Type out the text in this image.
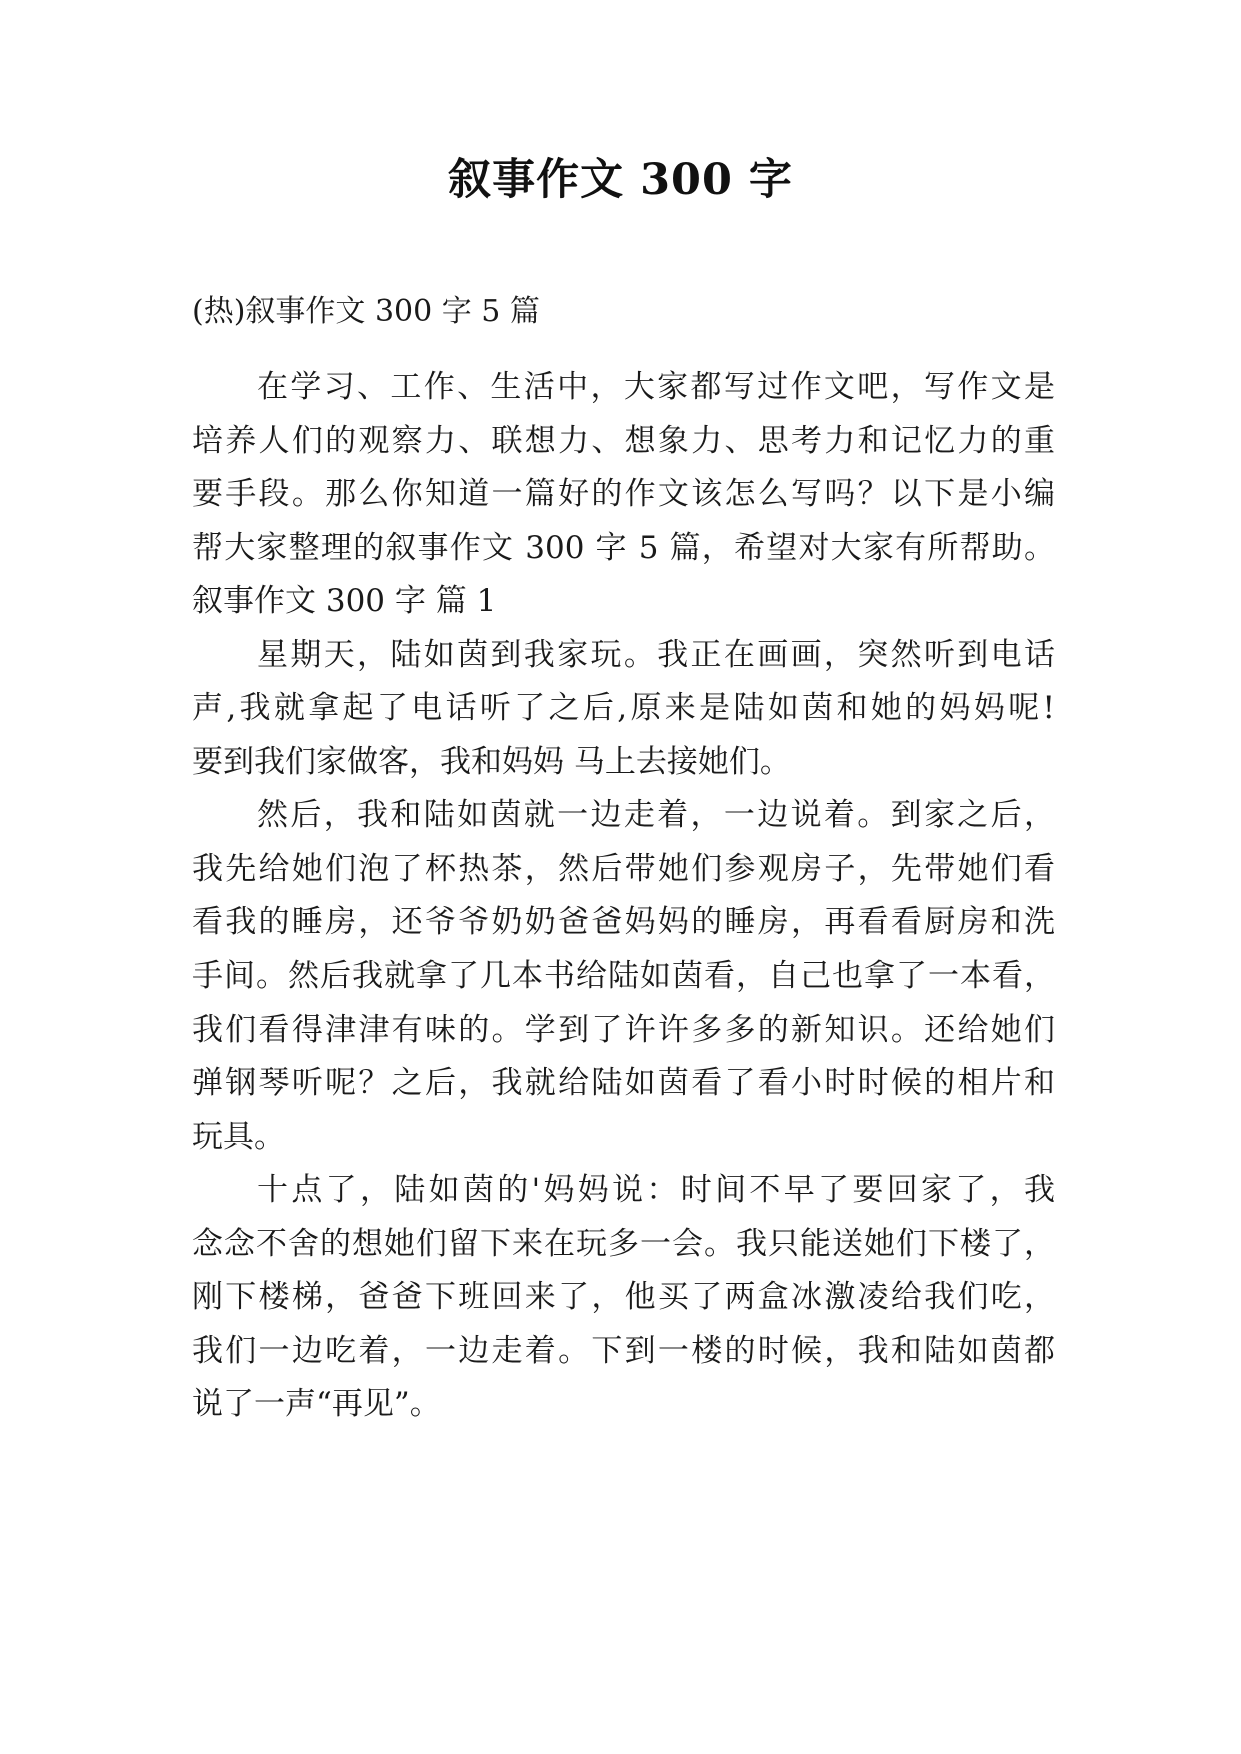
叙事作文 300 字
(热)叙事作文 300 字 5 篇
在学习、工作、生活中，大家都写过作文吧，写作文是
培养人们的观察力、联想力、想象力、思考力和记忆力的重
要手段。那么你知道一篇好的作文该怎么写吗？以下是小编
帮大家整理的叙事作文 300 字 5 篇，希望对大家有所帮助。
叙事作文 300 字 篇 1
星期天，陆如茵到我家玩。我正在画画，突然听到电话
声,我就拿起了电话听了之后,原来是陆如茵和她的妈妈呢!
要到我们家做客，我和妈妈 马上去接她们。
然后，我和陆如茵就一边走着，一边说着。到家之后，
我先给她们泡了杯热茶，然后带她们参观房子，先带她们看
看我的睡房，还爷爷奶奶爸爸妈妈的睡房，再看看厨房和洗
手间。然后我就拿了几本书给陆如茵看，自己也拿了一本看，
我们看得津津有味的。学到了许许多多的新知识。还给她们
弹钢琴听呢？之后，我就给陆如茵看了看小时时候的相片和
玩具。
十点了，陆如茵的'妈妈说：时间不早了要回家了，我
念念不舍的想她们留下来在玩多一会。我只能送她们下楼了，
刚下楼梯，爸爸下班回来了，他买了两盒冰激凌给我们吃，
我们一边吃着，一边走着。下到一楼的时候，我和陆如茵都
说了一声“再见”。
